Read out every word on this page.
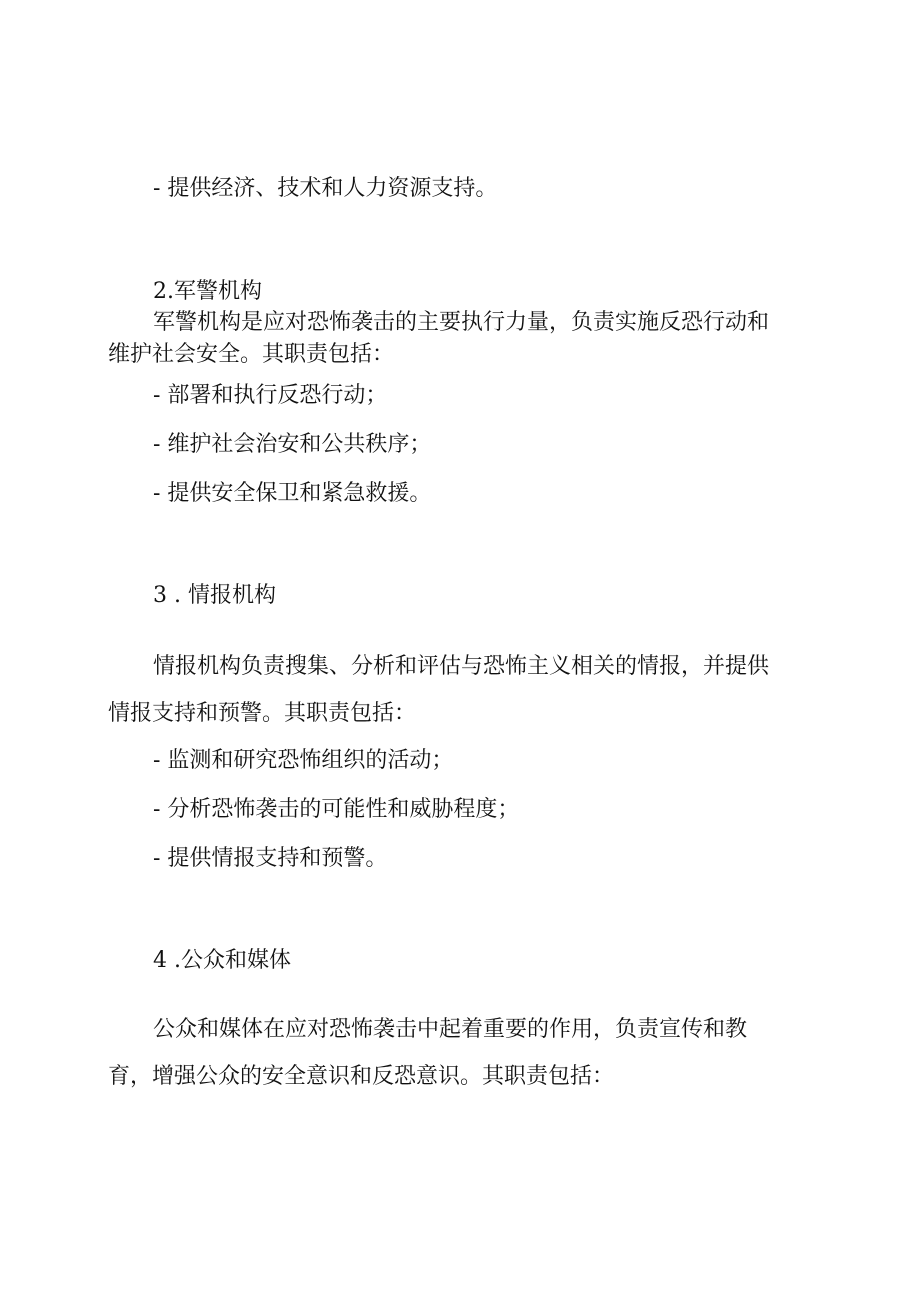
- 提供经济、技术和人力资源支持。

2.军警机构

军警机构是应对恐怖袭击的主要执行力量，负责实施反恐行动和

维护社会安全。其职责包括：

- 部署和执行反恐行动；

- 维护社会治安和公共秩序；

- 提供安全保卫和紧急救援。

3 . 情报机构

情报机构负责搜集、分析和评估与恐怖主义相关的情报，并提供

情报支持和预警。其职责包括：

- 监测和研究恐怖组织的活动；

- 分析恐怖袭击的可能性和威胁程度；

- 提供情报支持和预警。

4 .公众和媒体

公众和媒体在应对恐怖袭击中起着重要的作用，负责宣传和教

育，增强公众的安全意识和反恐意识。其职责包括：
